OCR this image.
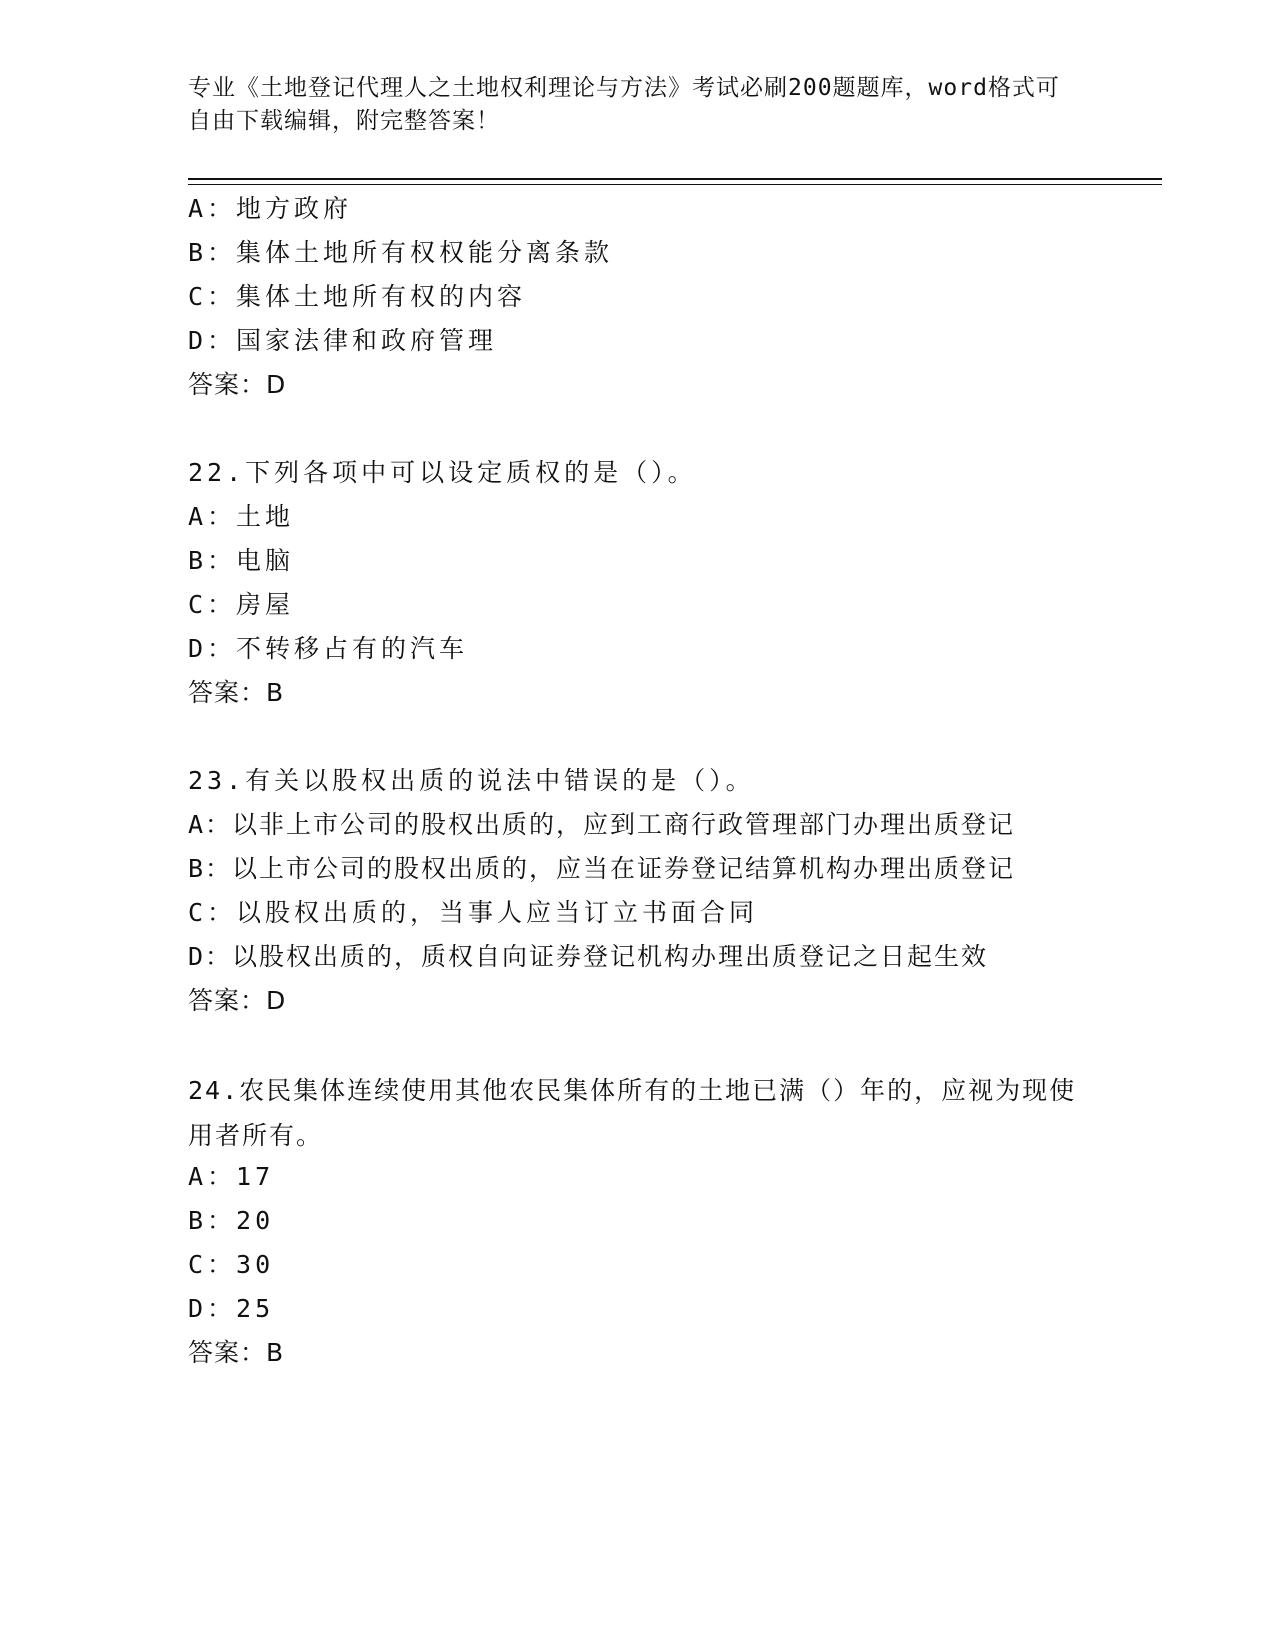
专业《土地登记代理人之土地权利理论与方法》考试必刷200题题库，word格式可自由下载编辑，附完整答案！
A：地方政府
B：集体土地所有权权能分离条款
C：集体土地所有权的内容
D：国家法律和政府管理
答案：D
22.下列各项中可以设定质权的是（）。
A：土地
B：电脑
C：房屋
D：不转移占有的汽车
答案：B
23.有关以股权出质的说法中错误的是（）。
A：以非上市公司的股权出质的，应到工商行政管理部门办理出质登记
B：以上市公司的股权出质的，应当在证券登记结算机构办理出质登记
C：以股权出质的，当事人应当订立书面合同
D：以股权出质的，质权自向证券登记机构办理出质登记之日起生效
答案：D
24.农民集体连续使用其他农民集体所有的土地已满（）年的，应视为现使用者所有。
A：17
B：20
C：30
D：25
答案：B
